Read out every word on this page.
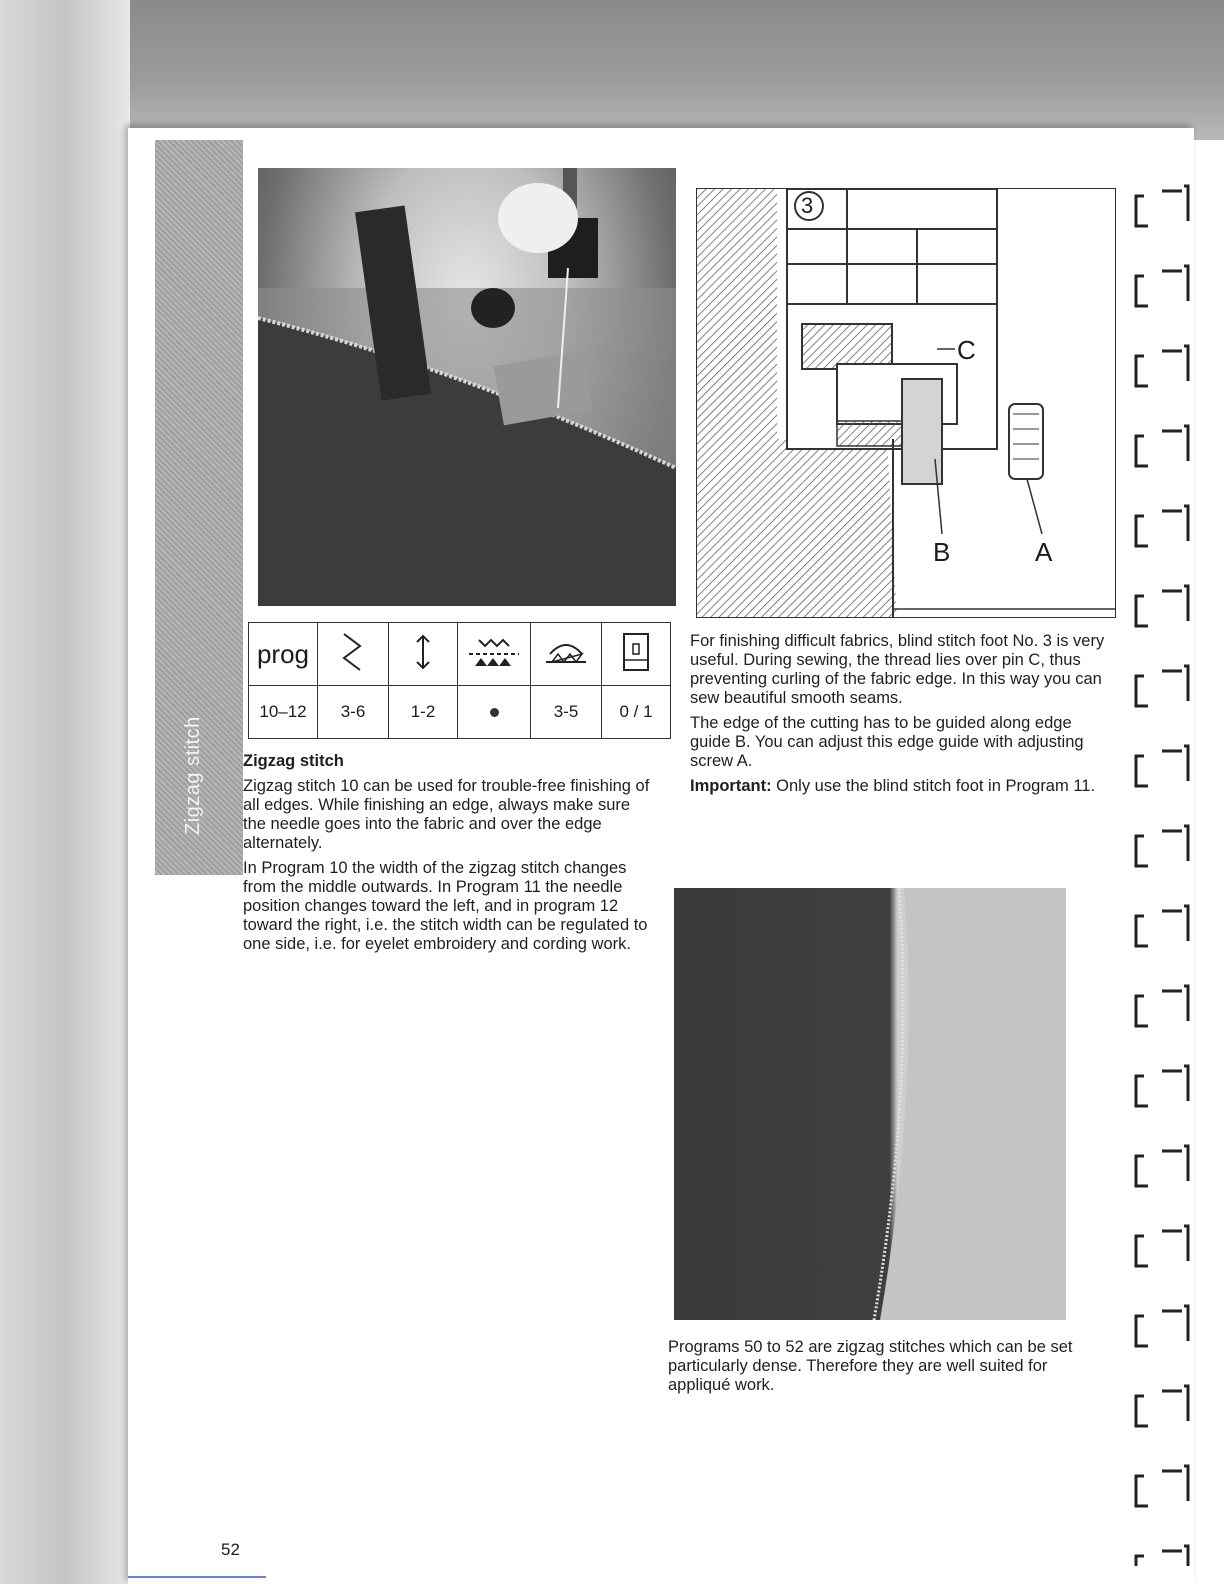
Zigzag stitch
3
C
B	A
prog					
10–12	3-6	1-2		3-5	0 / 1
Zigzag stitch

Zigzag stitch 10 can be used for trouble-free finishing of all edges. While finishing an edge, always make sure the needle goes into the fabric and over the edge alternately.

In Program 10 the width of the zigzag stitch changes from the middle outwards. In Program 11 the needle position changes toward the left, and in program 12 toward the right, i.e. the stitch width can be regulated to one side, i.e. for eyelet embroidery and cording work.

For finishing difficult fabrics, blind stitch foot No. 3 is very useful. During sewing, the thread lies over pin C, thus preventing curling of the fabric edge. In this way you can sew beautiful smooth seams.

The edge of the cutting has to be guided along edge guide B. You can adjust this edge guide with adjusting screw A.

Important: Only use the blind stitch foot in Program 11.

Programs 50 to 52 are zigzag stitches which can be set particularly dense. Therefore they are well suited for appliqué work.
52
